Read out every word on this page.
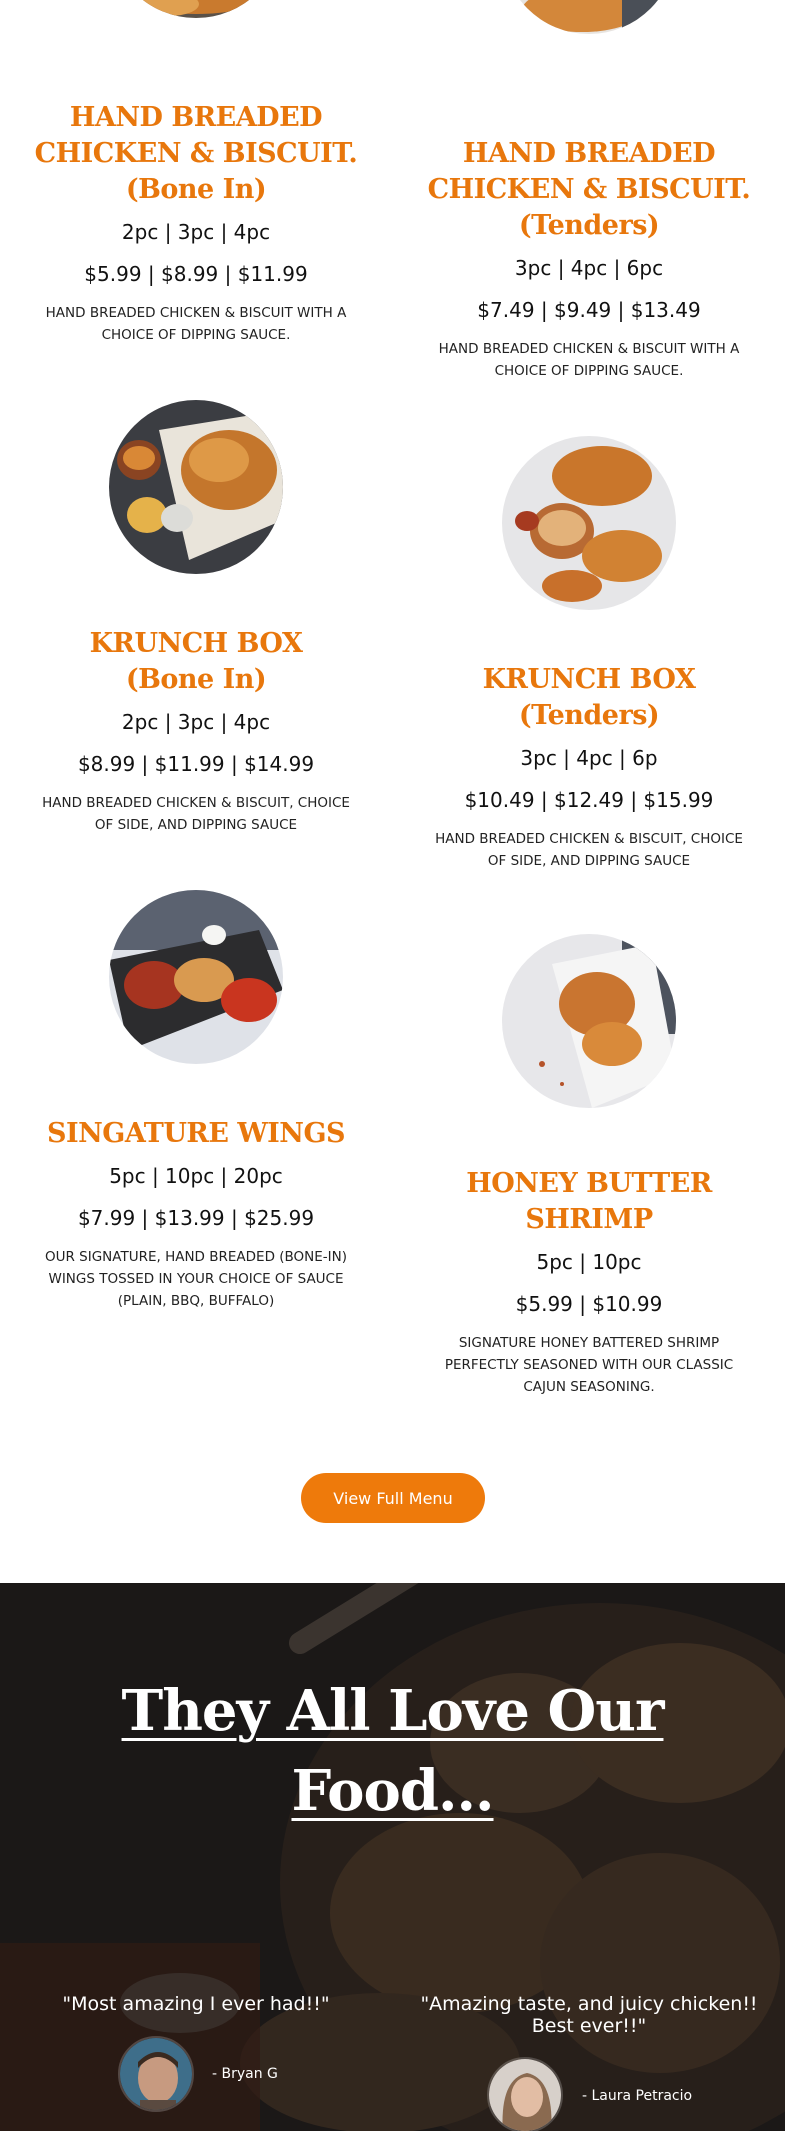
HAND BREADED
CHICKEN & BISCUIT.
(Bone In)
2pc | 3pc | 4pc
$5.99 | $8.99 | $11.99
HAND BREADED CHICKEN & BISCUIT WITH A CHOICE OF DIPPING SAUCE.
KRUNCH BOX
(Bone In)
2pc | 3pc | 4pc
$8.99 | $11.99 | $14.99
HAND BREADED CHICKEN & BISCUIT, CHOICE OF SIDE, AND DIPPING SAUCE
SINGATURE WINGS
5pc | 10pc | 20pc
$7.99 | $13.99 | $25.99
OUR SIGNATURE, HAND BREADED (BONE-IN) WINGS TOSSED IN YOUR CHOICE OF SAUCE (PLAIN, BBQ, BUFFALO)
HAND BREADED
CHICKEN & BISCUIT.
(Tenders)
3pc | 4pc | 6pc
$7.49 | $9.49 | $13.49
HAND BREADED CHICKEN & BISCUIT WITH A CHOICE OF DIPPING SAUCE.
KRUNCH BOX
(Tenders)
3pc | 4pc | 6p
$10.49 | $12.49 | $15.99
HAND BREADED CHICKEN & BISCUIT, CHOICE OF SIDE, AND DIPPING SAUCE
HONEY BUTTER
SHRIMP
5pc | 10pc
$5.99 | $10.99
SIGNATURE HONEY BATTERED SHRIMP PERFECTLY SEASONED WITH OUR CLASSIC CAJUN SEASONING.
View Full Menu
They All Love Our
Food...
"Most amazing I ever had!!"
- Bryan G
"Amazing taste, and juicy chicken!! Best ever!!"
- Laura Petracio
